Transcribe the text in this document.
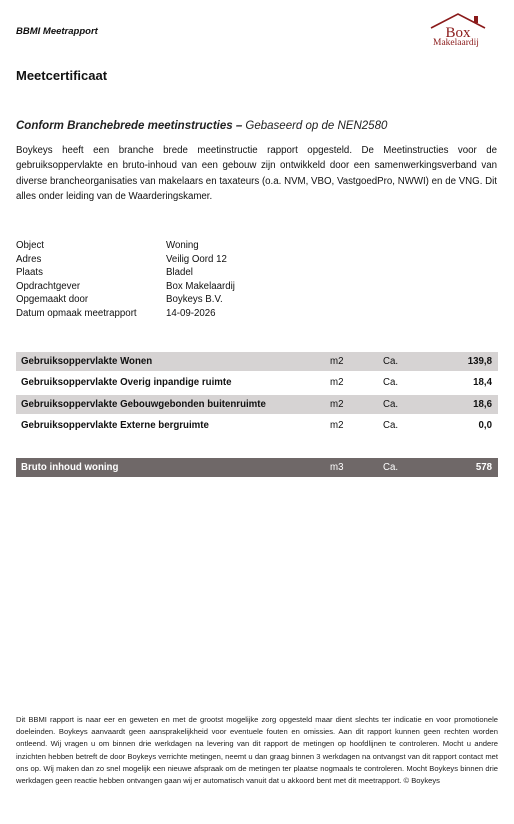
BBMI Meetrapport	Box
Makelaardij
Meetcertificaat
Conform Branchebrede meetinstructies – Gebaseerd op de NEN2580
Boykeys heeft een branche brede meetinstructie rapport opgesteld. De Meetinstructies voor de gebruiksoppervlakte en bruto-inhoud van een gebouw zijn ontwikkeld door een samenwerkingsverband van diverse brancheorganisaties van makelaars en taxateurs (o.a. NVM, VBO, VastgoedPro, NWWI) en de VNG. Dit alles onder leiding van de Waarderingskamer.
Object	Woning
Adres	Veilig Oord 12
Plaats	Bladel
Opdrachtgever	Box Makelaardij
Opgemaakt door	Boykeys B.V.
Datum opmaak meetrapport	14-09-2026
Gebruiksoppervlakte Wonen	m2	Ca.	139,8
Gebruiksoppervlakte Overig inpandige ruimte	m2	Ca.	18,4
Gebruiksoppervlakte Gebouwgebonden buitenruimte	m2	Ca.	18,6
Gebruiksoppervlakte Externe bergruimte	m2	Ca.	0,0
Bruto inhoud woning	m3	Ca.	578
Dit BBMI rapport is naar eer en geweten en met de grootst mogelijke zorg opgesteld maar dient slechts ter indicatie en voor promotionele doeleinden. Boykeys aanvaardt geen aansprakelijkheid voor eventuele fouten en omissies. Aan dit rapport kunnen geen rechten worden ontleend. Wij vragen u om binnen drie werkdagen na levering van dit rapport de metingen op hoofdlijnen te controleren. Mocht u andere inzichten hebben betreft de door Boykeys verrichte metingen, neemt u dan graag binnen 3 werkdagen na ontvangst van dit rapport contact met ons op. Wij maken dan zo snel mogelijk een nieuwe afspraak om de metingen ter plaatse nogmaals te controleren. Mocht Boykeys binnen drie werkdagen geen reactie hebben ontvangen gaan wij er automatisch vanuit dat u akkoord bent met dit meetrapport. © Boykeys
